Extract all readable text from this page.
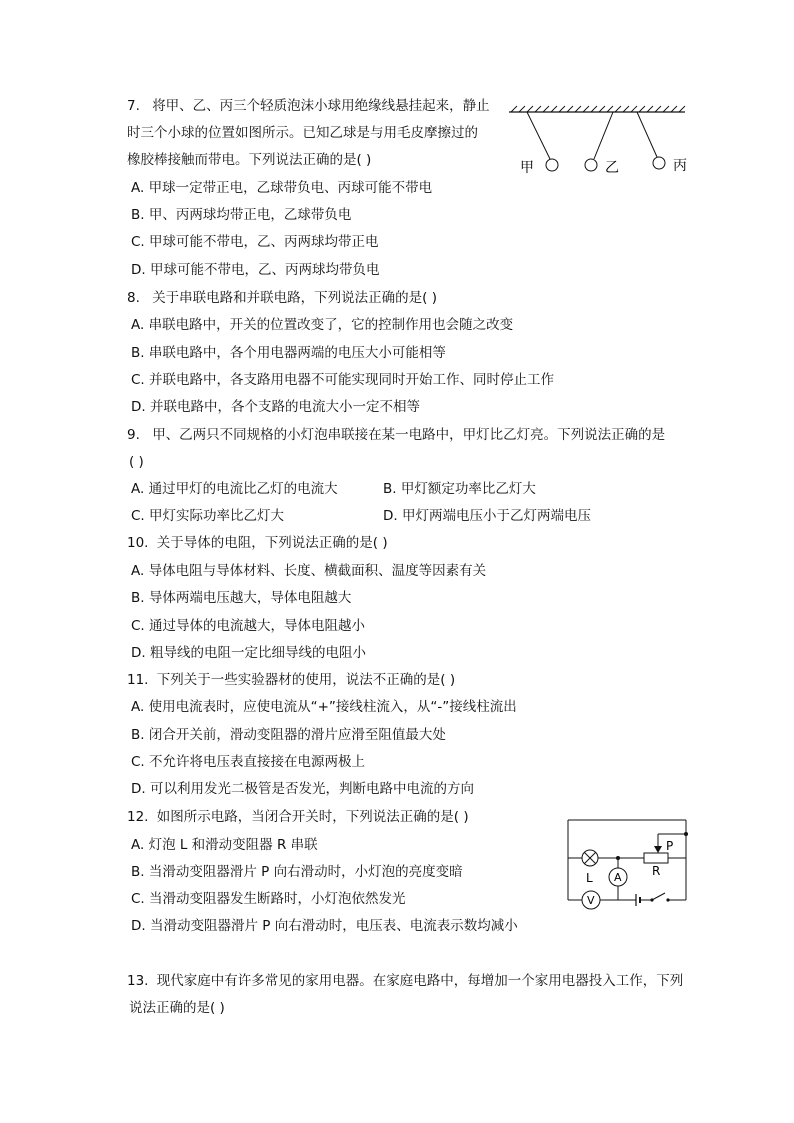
7. 将甲、乙、丙三个轻质泡沫小球用绝缘线悬挂起来，静止
时三个小球的位置如图所示。已知乙球是与用毛皮摩擦过的
橡胶棒接触而带电。下列说法正确的是( )
A. 甲球一定带正电，乙球带负电、丙球可能不带电
B. 甲、丙两球均带正电，乙球带负电
C. 甲球可能不带电，乙、丙两球均带正电
D. 甲球可能不带电，乙、丙两球均带负电
甲	乙	丙
8. 关于串联电路和并联电路，下列说法正确的是( )
A. 串联电路中，开关的位置改变了，它的控制作用也会随之改变
B. 串联电路中，各个用电器两端的电压大小可能相等
C. 并联电路中，各支路用电器不可能实现同时开始工作、同时停止工作
D. 并联电路中，各个支路的电流大小一定不相等
9. 甲、乙两只不同规格的小灯泡串联接在某一电路中，甲灯比乙灯亮。下列说法正确的是
( )
A. 通过甲灯的电流比乙灯的电流大	B. 甲灯额定功率比乙灯大
C. 甲灯实际功率比乙灯大	D. 甲灯两端电压小于乙灯两端电压
10. 关于导体的电阻，下列说法正确的是( )
A. 导体电阻与导体材料、长度、横截面积、温度等因素有关
B. 导体两端电压越大，导体电阻越大
C. 通过导体的电流越大，导体电阻越小
D. 粗导线的电阻一定比细导线的电阻小
11. 下列关于一些实验器材的使用，说法不正确的是( )
A. 使用电流表时，应使电流从“+”接线柱流入，从“-”接线柱流出
B. 闭合开关前，滑动变阻器的滑片应滑至阻值最大处
C. 不允许将电压表直接接在电源两极上
D. 可以利用发光二极管是否发光，判断电路中电流的方向
12. 如图所示电路，当闭合开关时，下列说法正确的是( )
A. 灯泡 L 和滑动变阻器 R 串联
B. 当滑动变阻器滑片 P 向右滑动时，小灯泡的亮度变暗
C. 当滑动变阻器发生断路时，小灯泡依然发光
D. 当滑动变阻器滑片 P 向右滑动时，电压表、电流表示数均减小
P
L A	R
V
13. 现代家庭中有许多常见的家用电器。在家庭电路中，每增加一个家用电器投入工作，下列
说法正确的是( )
